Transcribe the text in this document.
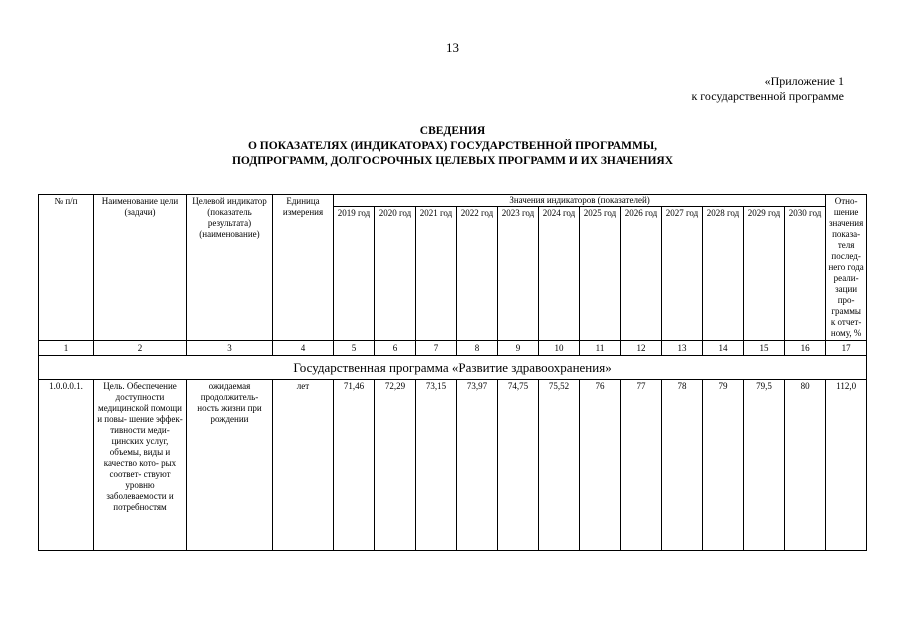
13
«Приложение 1
к государственной программе
СВЕДЕНИЯ
О ПОКАЗАТЕЛЯХ (ИНДИКАТОРАХ) ГОСУДАРСТВЕННОЙ ПРОГРАММЫ,
ПОДПРОГРАММ, ДОЛГОСРОЧНЫХ ЦЕЛЕВЫХ ПРОГРАММ И ИХ ЗНАЧЕНИЯХ
№ п/п	Наименование цели (задачи)	Целевой индикатор (показатель результата) (наименование)	Единица измерения	Значения индикаторов (показателей)												Отно- шение значения показа- теля послед- него года реали- зации про- граммы к отчет- ному, %
				2019 год	2020 год	2021 год	2022 год	2023 год	2024 год	2025 год	2026 год	2027 год	2028 год	2029 год	2030 год	
1	2	3	4	5	6	7	8	9	10	11	12	13	14	15	16	17
Государственная программа «Развитие здравоохранения»																
1.0.0.0.1.	Цель. Обеспечение доступности медицинской помощи и повы- шение эффек- тивности меди- цинских услуг, объемы, виды и качество кото- рых соответ- ствуют уровню заболеваемости и потребностям	ожидаемая продолжитель- ность жизни при рождении	лет	71,46	72,29	73,15	73,97	74,75	75,52	76	77	78	79	79,5	80	112,0
